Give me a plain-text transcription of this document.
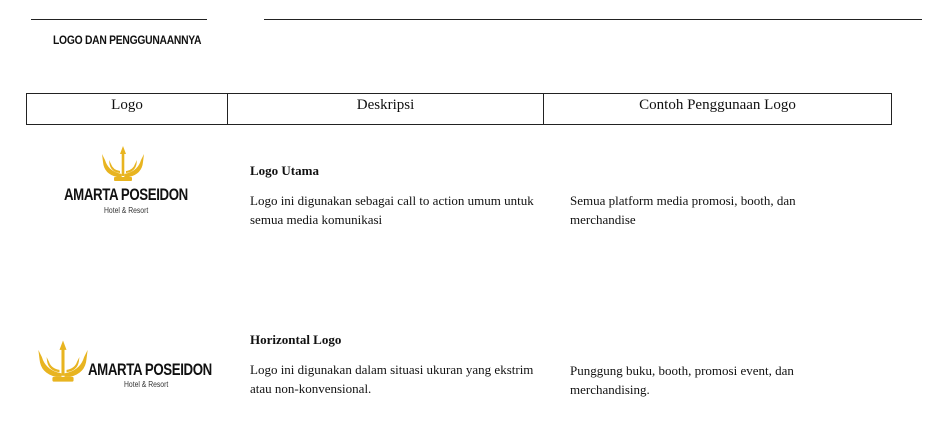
LOGO DAN PENGGUNAANNYA
Logo	Deskripsi	Contoh Penggunaan Logo
AMARTA POSEIDON
Hotel & Resort
Logo Utama
Logo ini digunakan sebagai call to action umum untuk semua media komunikasi
Semua platform media promosi, booth, dan merchandise
AMARTA POSEIDON
Hotel & Resort
Horizontal Logo
Logo ini digunakan dalam situasi ukuran yang ekstrim atau non-konvensional.
Punggung buku, booth, promosi event, dan merchandising.
